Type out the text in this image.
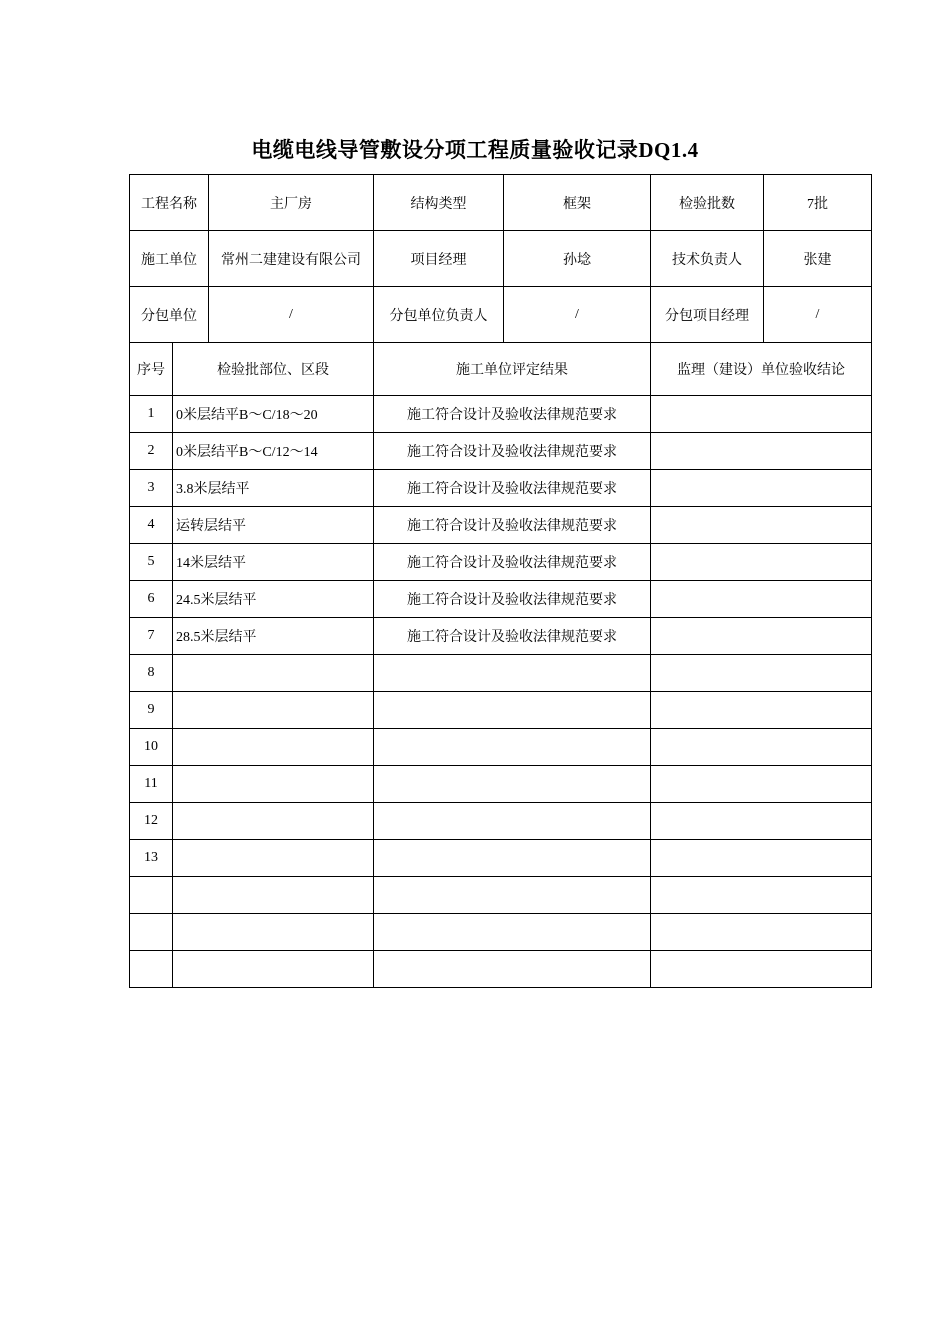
电缆电线导管敷设分项工程质量验收记录DQ1.4
工程名称		主厂房	结构类型	框架	检验批数	7批
施工单位		常州二建建设有限公司	项目经理	孙埝	技术负责人	张建
分包单位		/	分包单位负责人	/	分包项目经理	/
序号	检验批部位、区段		施工单位评定结果		监理（建设）单位验收结论	
1	0米层结平B～C/18～20		施工符合设计及验收法律规范要求			
2	0米层结平B～C/12～14		施工符合设计及验收法律规范要求			
3	3.8米层结平		施工符合设计及验收法律规范要求			
4	运转层结平		施工符合设计及验收法律规范要求			
5	14米层结平		施工符合设计及验收法律规范要求			
6	24.5米层结平		施工符合设计及验收法律规范要求			
7	28.5米层结平		施工符合设计及验收法律规范要求			
8						
9						
10						
11						
12						
13						
